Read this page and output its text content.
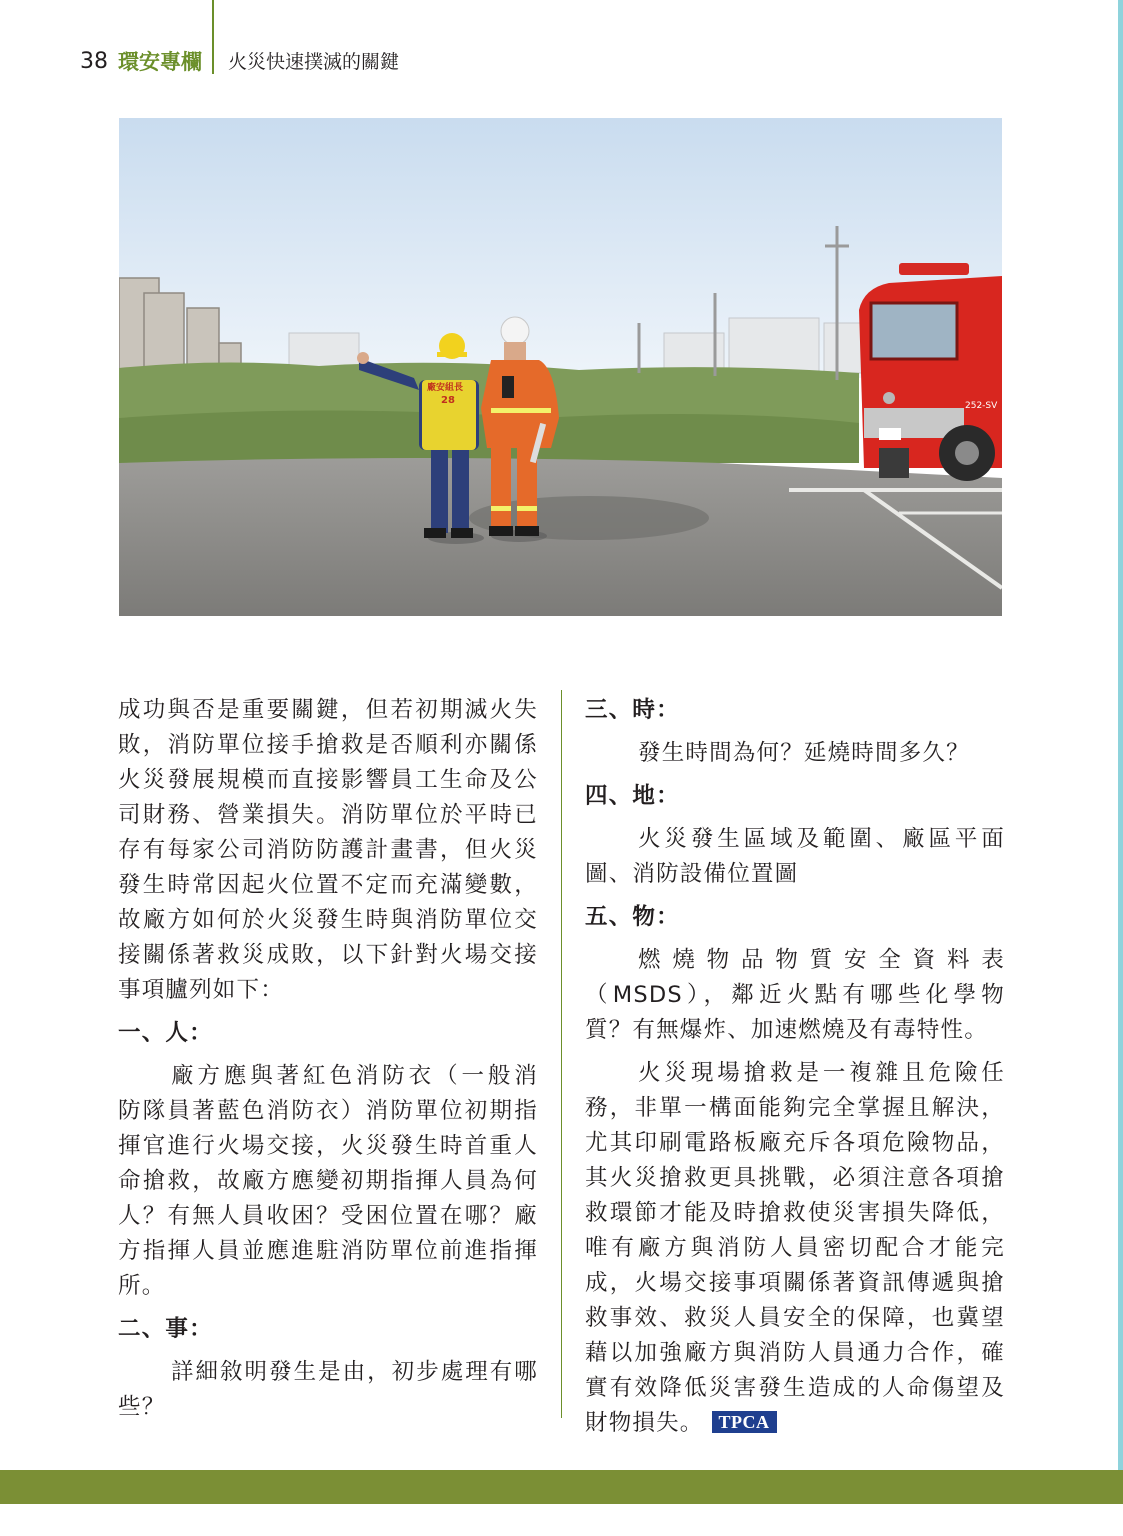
38 環安專欄 火災快速撲滅的關鍵
252-SV
廠安組長
28

成功與否是重要關鍵，但若初期滅火失

敗，消防單位接手搶救是否順利亦關係

火災發展規模而直接影響員工生命及公

司財務、營業損失。消防單位於平時已

存有每家公司消防防護計畫書，但火災

發生時常因起火位置不定而充滿變數，

故廠方如何於火災發生時與消防單位交

接關係著救災成敗，以下針對火場交接

事項臚列如下：

一、人：

廠方應與著紅色消防衣（一般消

防隊員著藍色消防衣）消防單位初期指

揮官進行火場交接，火災發生時首重人

命搶救，故廠方應變初期指揮人員為何

人？有無人員收困？受困位置在哪？廠

方指揮人員並應進駐消防單位前進指揮

所。

二、事：

詳細敘明發生是由，初步處理有哪

些？

三、時：

發生時間為何？延燒時間多久？

四、地：

火災發生區域及範圍、廠區平面

圖、消防設備位置圖

五、物：

燃燒物品物質安全資料表

（MSDS），鄰近火點有哪些化學物

質？有無爆炸、加速燃燒及有毒特性。

火災現場搶救是一複雜且危險任

務，非單一構面能夠完全掌握且解決，

尤其印刷電路板廠充斥各項危險物品，

其火災搶救更具挑戰，必須注意各項搶

救環節才能及時搶救使災害損失降低，

唯有廠方與消防人員密切配合才能完

成，火場交接事項關係著資訊傳遞與搶

救事效、救災人員安全的保障，也冀望

藉以加強廠方與消防人員通力合作，確

實有效降低災害發生造成的人命傷望及

財物損失。 TPCA
